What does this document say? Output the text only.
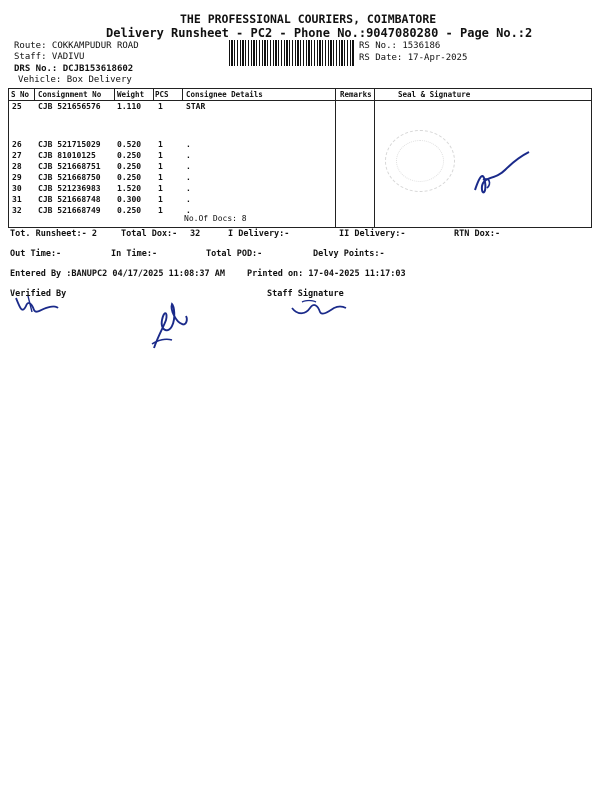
THE PROFESSIONAL COURIERS, COIMBATORE
Delivery Runsheet - PC2 - Phone No.:9047080280 - Page No.:2
Route: COKKAMPUDUR ROAD
Staff: VADIVU
DRS No.: DCJB153618602
Vehicle: Box Delivery
RS No.: 1536186
RS Date: 17-Apr-2025
S No Consignment No Weight PCS Consignee Details	Remarks	Seal & Signature
25 CJB 521656576 1.110 1	STAR
26 CJB 521715029 0.520 1	.
27 CJB 81010125	0.250 1	.
28 CJB 521668751 0.250 1	.
29 CJB 521668750 0.250 1	.
30 CJB 521236983 1.520 1	.
31 CJB 521668748 0.300 1	.
32 CJB 521668749 0.250 1	.
No.Of Docs: 8
Tot. Runsheet:- 2	Total Dox:- 32	I Delivery:-	II Delivery:-	RTN Dox:-
Out Time:-	In Time:-	Total POD:-	Delvy Points:-
Entered By :BANUPC2 04/17/2025 11:08:37 AM	Printed on: 17-04-2025 11:17:03
Verified By	Staff Signature
